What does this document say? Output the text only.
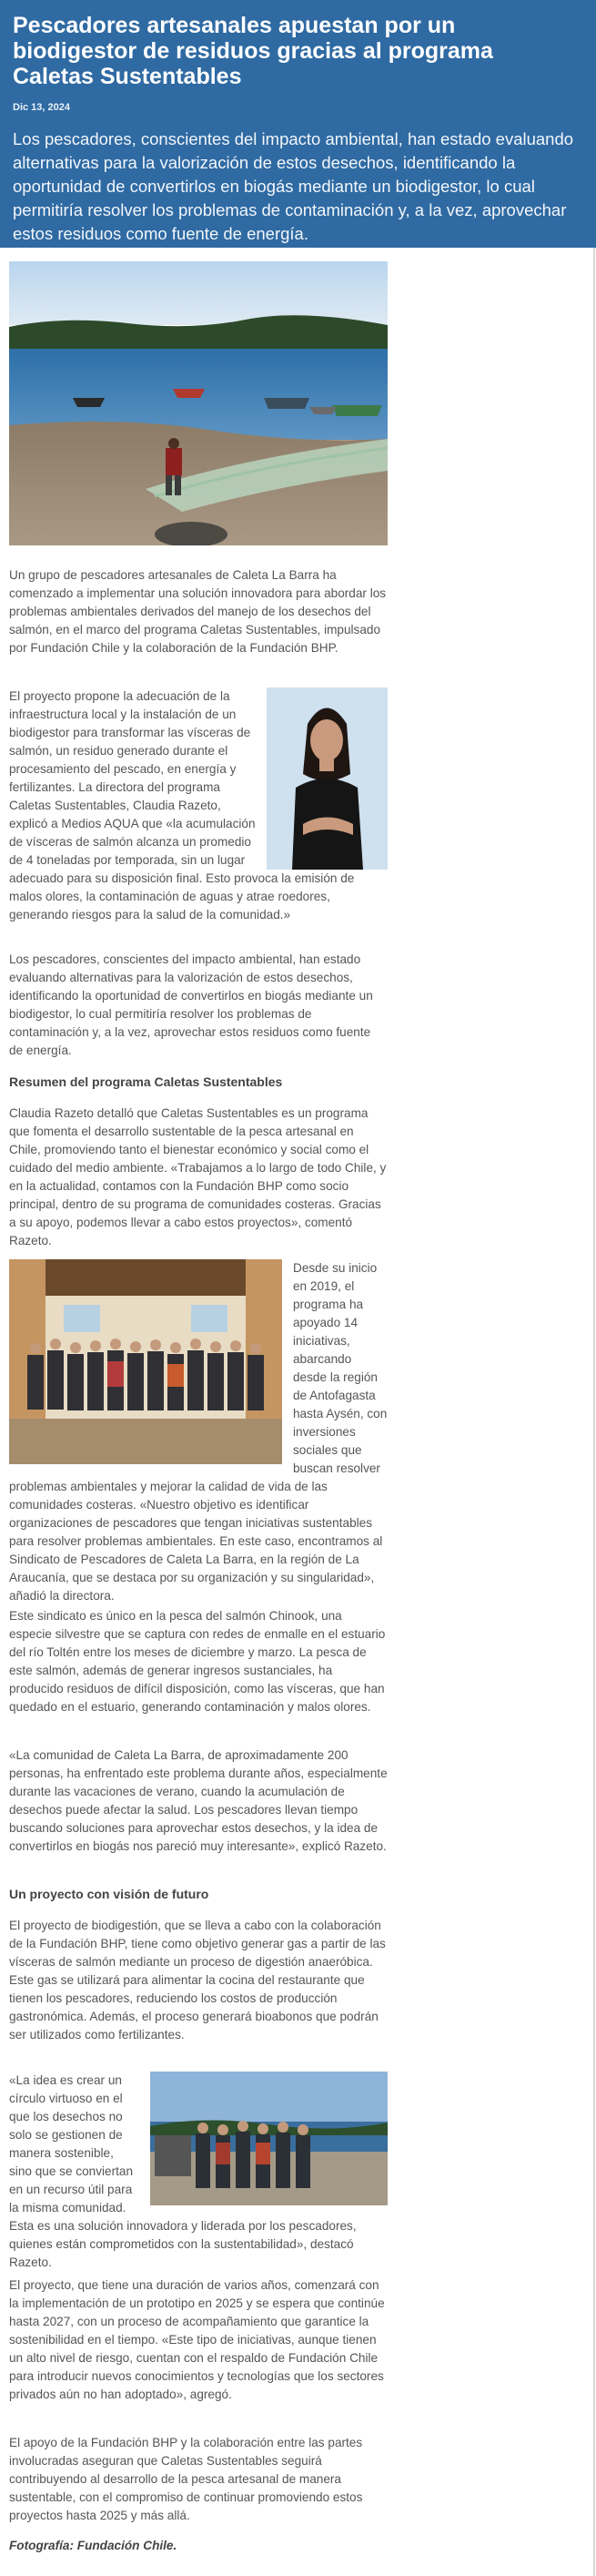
Pescadores artesanales apuestan por un biodigestor de residuos gracias al programa Caletas Sustentables
Dic 13, 2024
Los pescadores, conscientes del impacto ambiental, han estado evaluando alternativas para la valorización de estos desechos, identificando la oportunidad de convertirlos en biogás mediante un biodigestor, lo cual permitiría resolver los problemas de contaminación y, a la vez, aprovechar estos residuos como fuente de energía.

Un grupo de pescadores artesanales de Caleta La Barra ha comenzado a implementar una solución innovadora para abordar los problemas ambientales derivados del manejo de los desechos del salmón, en el marco del programa Caletas Sustentables, impulsado por Fundación Chile y la colaboración de la Fundación BHP.

El proyecto propone la adecuación de la infraestructura local y la instalación de un biodigestor para transformar las vísceras de salmón, un residuo generado durante el procesamiento del pescado, en energía y fertilizantes. La directora del programa Caletas Sustentables, Claudia Razeto, explicó a Medios AQUA que «la acumulación de vísceras de salmón alcanza un promedio de 4 toneladas por temporada, sin un lugar adecuado para su disposición final. Esto provoca la emisión de malos olores, la contaminación de aguas y atrae roedores, generando riesgos para la salud de la comunidad.»

Los pescadores, conscientes del impacto ambiental, han estado evaluando alternativas para la valorización de estos desechos, identificando la oportunidad de convertirlos en biogás mediante un biodigestor, lo cual permitiría resolver los problemas de contaminación y, a la vez, aprovechar estos residuos como fuente de energía.

Resumen del programa Caletas Sustentables

Claudia Razeto detalló que Caletas Sustentables es un programa que fomenta el desarrollo sustentable de la pesca artesanal en Chile, promoviendo tanto el bienestar económico y social como el cuidado del medio ambiente. «Trabajamos a lo largo de todo Chile, y en la actualidad, contamos con la Fundación BHP como socio principal, dentro de su programa de comunidades costeras. Gracias a su apoyo, podemos llevar a cabo estos proyectos», comentó Razeto.

Desde su inicio en 2019, el programa ha apoyado 14 iniciativas, abarcando desde la región de Antofagasta hasta Aysén, con inversiones sociales que buscan resolver problemas ambientales y mejorar la calidad de vida de las comunidades costeras. «Nuestro objetivo es identificar organizaciones de pescadores que tengan iniciativas sustentables para resolver problemas ambientales. En este caso, encontramos al Sindicato de Pescadores de Caleta La Barra, en la región de La Araucanía, que se destaca por su organización y su singularidad», añadió la directora.

Este sindicato es único en la pesca del salmón Chinook, una especie silvestre que se captura con redes de enmalle en el estuario del río Toltén entre los meses de diciembre y marzo. La pesca de este salmón, además de generar ingresos sustanciales, ha producido residuos de difícil disposición, como las vísceras, que han quedado en el estuario, generando contaminación y malos olores.

«La comunidad de Caleta La Barra, de aproximadamente 200 personas, ha enfrentado este problema durante años, especialmente durante las vacaciones de verano, cuando la acumulación de desechos puede afectar la salud. Los pescadores llevan tiempo buscando soluciones para aprovechar estos desechos, y la idea de convertirlos en biogás nos pareció muy interesante», explicó Razeto.

Un proyecto con visión de futuro

El proyecto de biodigestión, que se lleva a cabo con la colaboración de la Fundación BHP, tiene como objetivo generar gas a partir de las vísceras de salmón mediante un proceso de digestión anaeróbica. Este gas se utilizará para alimentar la cocina del restaurante que tienen los pescadores, reduciendo los costos de producción gastronómica. Además, el proceso generará bioabonos que podrán ser utilizados como fertilizantes.

«La idea es crear un círculo virtuoso en el que los desechos no solo se gestionen de manera sostenible, sino que se conviertan en un recurso útil para la misma comunidad. Esta es una solución innovadora y liderada por los pescadores, quienes están comprometidos con la sustentabilidad», destacó Razeto.

El proyecto, que tiene una duración de varios años, comenzará con la implementación de un prototipo en 2025 y se espera que continúe hasta 2027, con un proceso de acompañamiento que garantice la sostenibilidad en el tiempo. «Este tipo de iniciativas, aunque tienen un alto nivel de riesgo, cuentan con el respaldo de Fundación Chile para introducir nuevos conocimientos y tecnologías que los sectores privados aún no han adoptado», agregó.

El apoyo de la Fundación BHP y la colaboración entre las partes involucradas aseguran que Caletas Sustentables seguirá contribuyendo al desarrollo de la pesca artesanal de manera sustentable, con el compromiso de continuar promoviendo estos proyectos hasta 2025 y más allá.

Fotografía: Fundación Chile.
